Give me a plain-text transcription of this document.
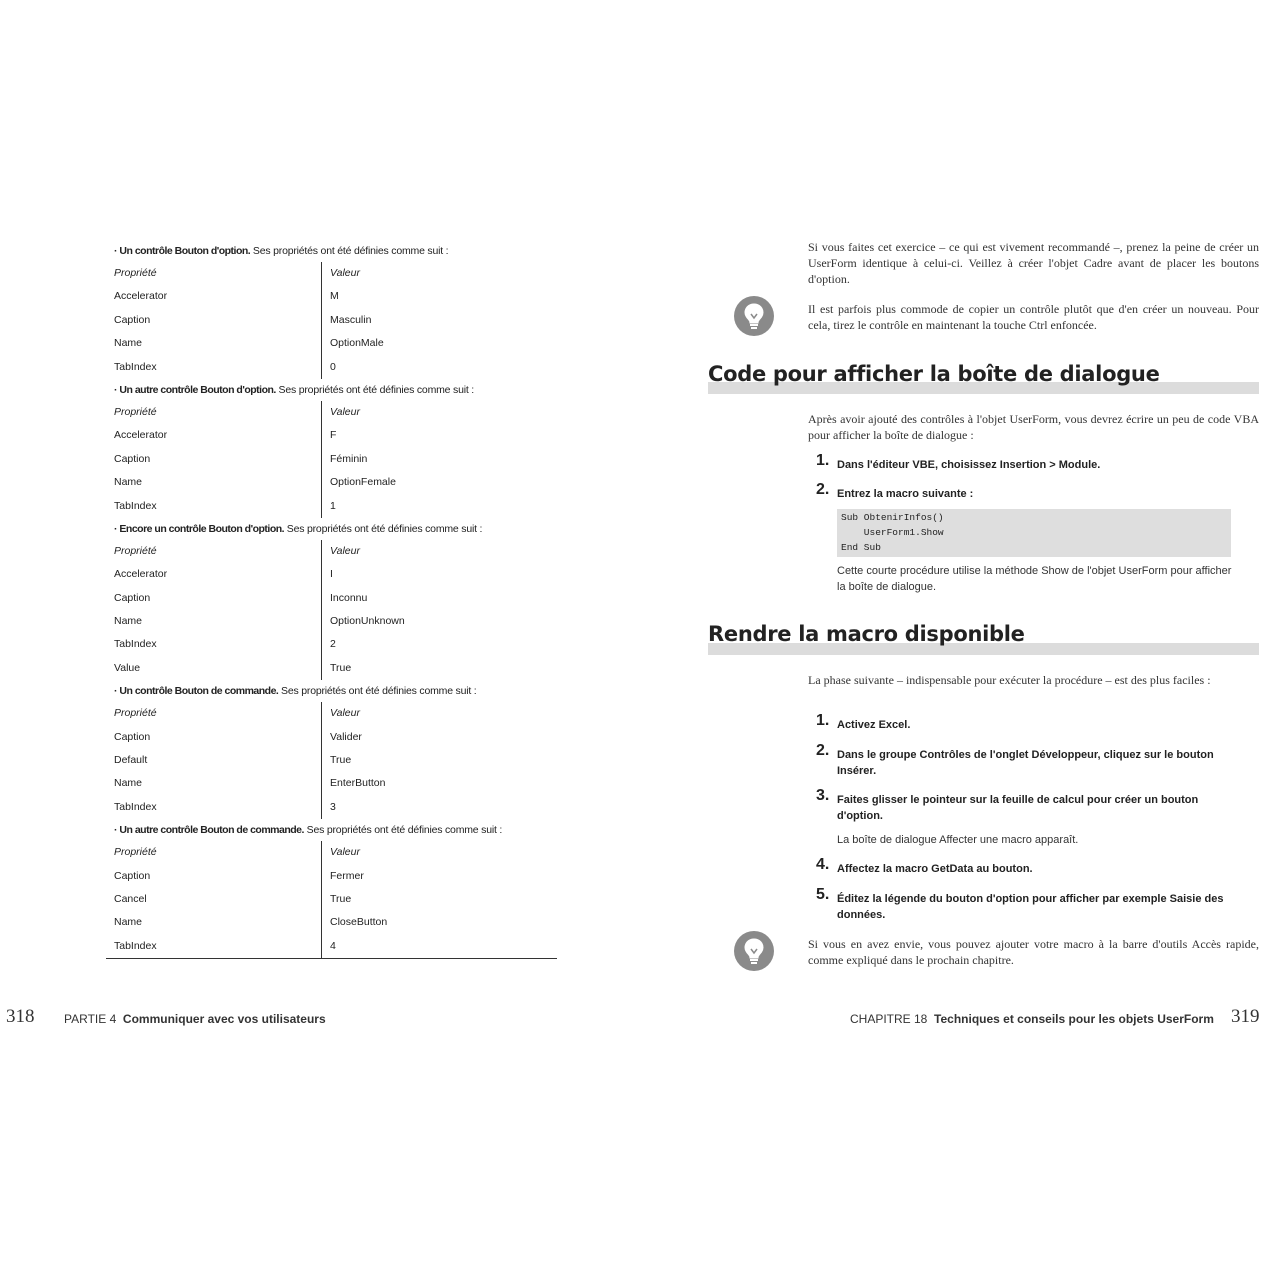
· Un contrôle Bouton d'option. Ses propriétés ont été définies comme suit :
Propriété	Valeur
Accelerator	M
Caption	Masculin
Name	OptionMale
TabIndex	0
· Un autre contrôle Bouton d'option. Ses propriétés ont été définies comme suit :
Propriété	Valeur
Accelerator	F
Caption	Féminin
Name	OptionFemale
TabIndex	1
· Encore un contrôle Bouton d'option. Ses propriétés ont été définies comme suit :
Propriété	Valeur
Accelerator	I
Caption	Inconnu
Name	OptionUnknown
TabIndex	2
Value	True
· Un contrôle Bouton de commande. Ses propriétés ont été définies comme suit :
Propriété	Valeur
Caption	Valider
Default	True
Name	EnterButton
TabIndex	3
· Un autre contrôle Bouton de commande. Ses propriétés ont été définies comme suit :
Propriété	Valeur
Caption	Fermer
Cancel	True
Name	CloseButton
TabIndex	4
318 PARTIE 4 Communiquer avec vos utilisateurs
Si vous faites cet exercice – ce qui est vivement recommandé –, prenez la peine de créer un UserForm identique à celui-ci. Veillez à créer l'objet Cadre avant de placer les boutons d'option.
Il est parfois plus commode de copier un contrôle plutôt que d'en créer un nouveau. Pour cela, tirez le contrôle en maintenant la touche Ctrl enfoncée.
Code pour afficher la boîte de dialogue
Après avoir ajouté des contrôles à l'objet UserForm, vous devrez écrire un peu de code VBA pour afficher la boîte de dialogue :
1. Dans l'éditeur VBE, choisissez Insertion > Module.
2. Entrez la macro suivante :
Sub ObtenirInfos()
UserForm1.Show
End Sub
Cette courte procédure utilise la méthode Show de l'objet UserForm pour afficher la boîte de dialogue.
Rendre la macro disponible
La phase suivante – indispensable pour exécuter la procédure – est des plus faciles :
1. Activez Excel.
2. Dans le groupe Contrôles de l'onglet Développeur, cliquez sur le bouton Insérer.
3. Faites glisser le pointeur sur la feuille de calcul pour créer un bouton d'option.
La boîte de dialogue Affecter une macro apparaît.
4. Affectez la macro GetData au bouton.
5. Éditez la légende du bouton d'option pour afficher par exemple Saisie des données.
Si vous en avez envie, vous pouvez ajouter votre macro à la barre d'outils Accès rapide, comme expliqué dans le prochain chapitre.
CHAPITRE 18 Techniques et conseils pour les objets UserForm 319
